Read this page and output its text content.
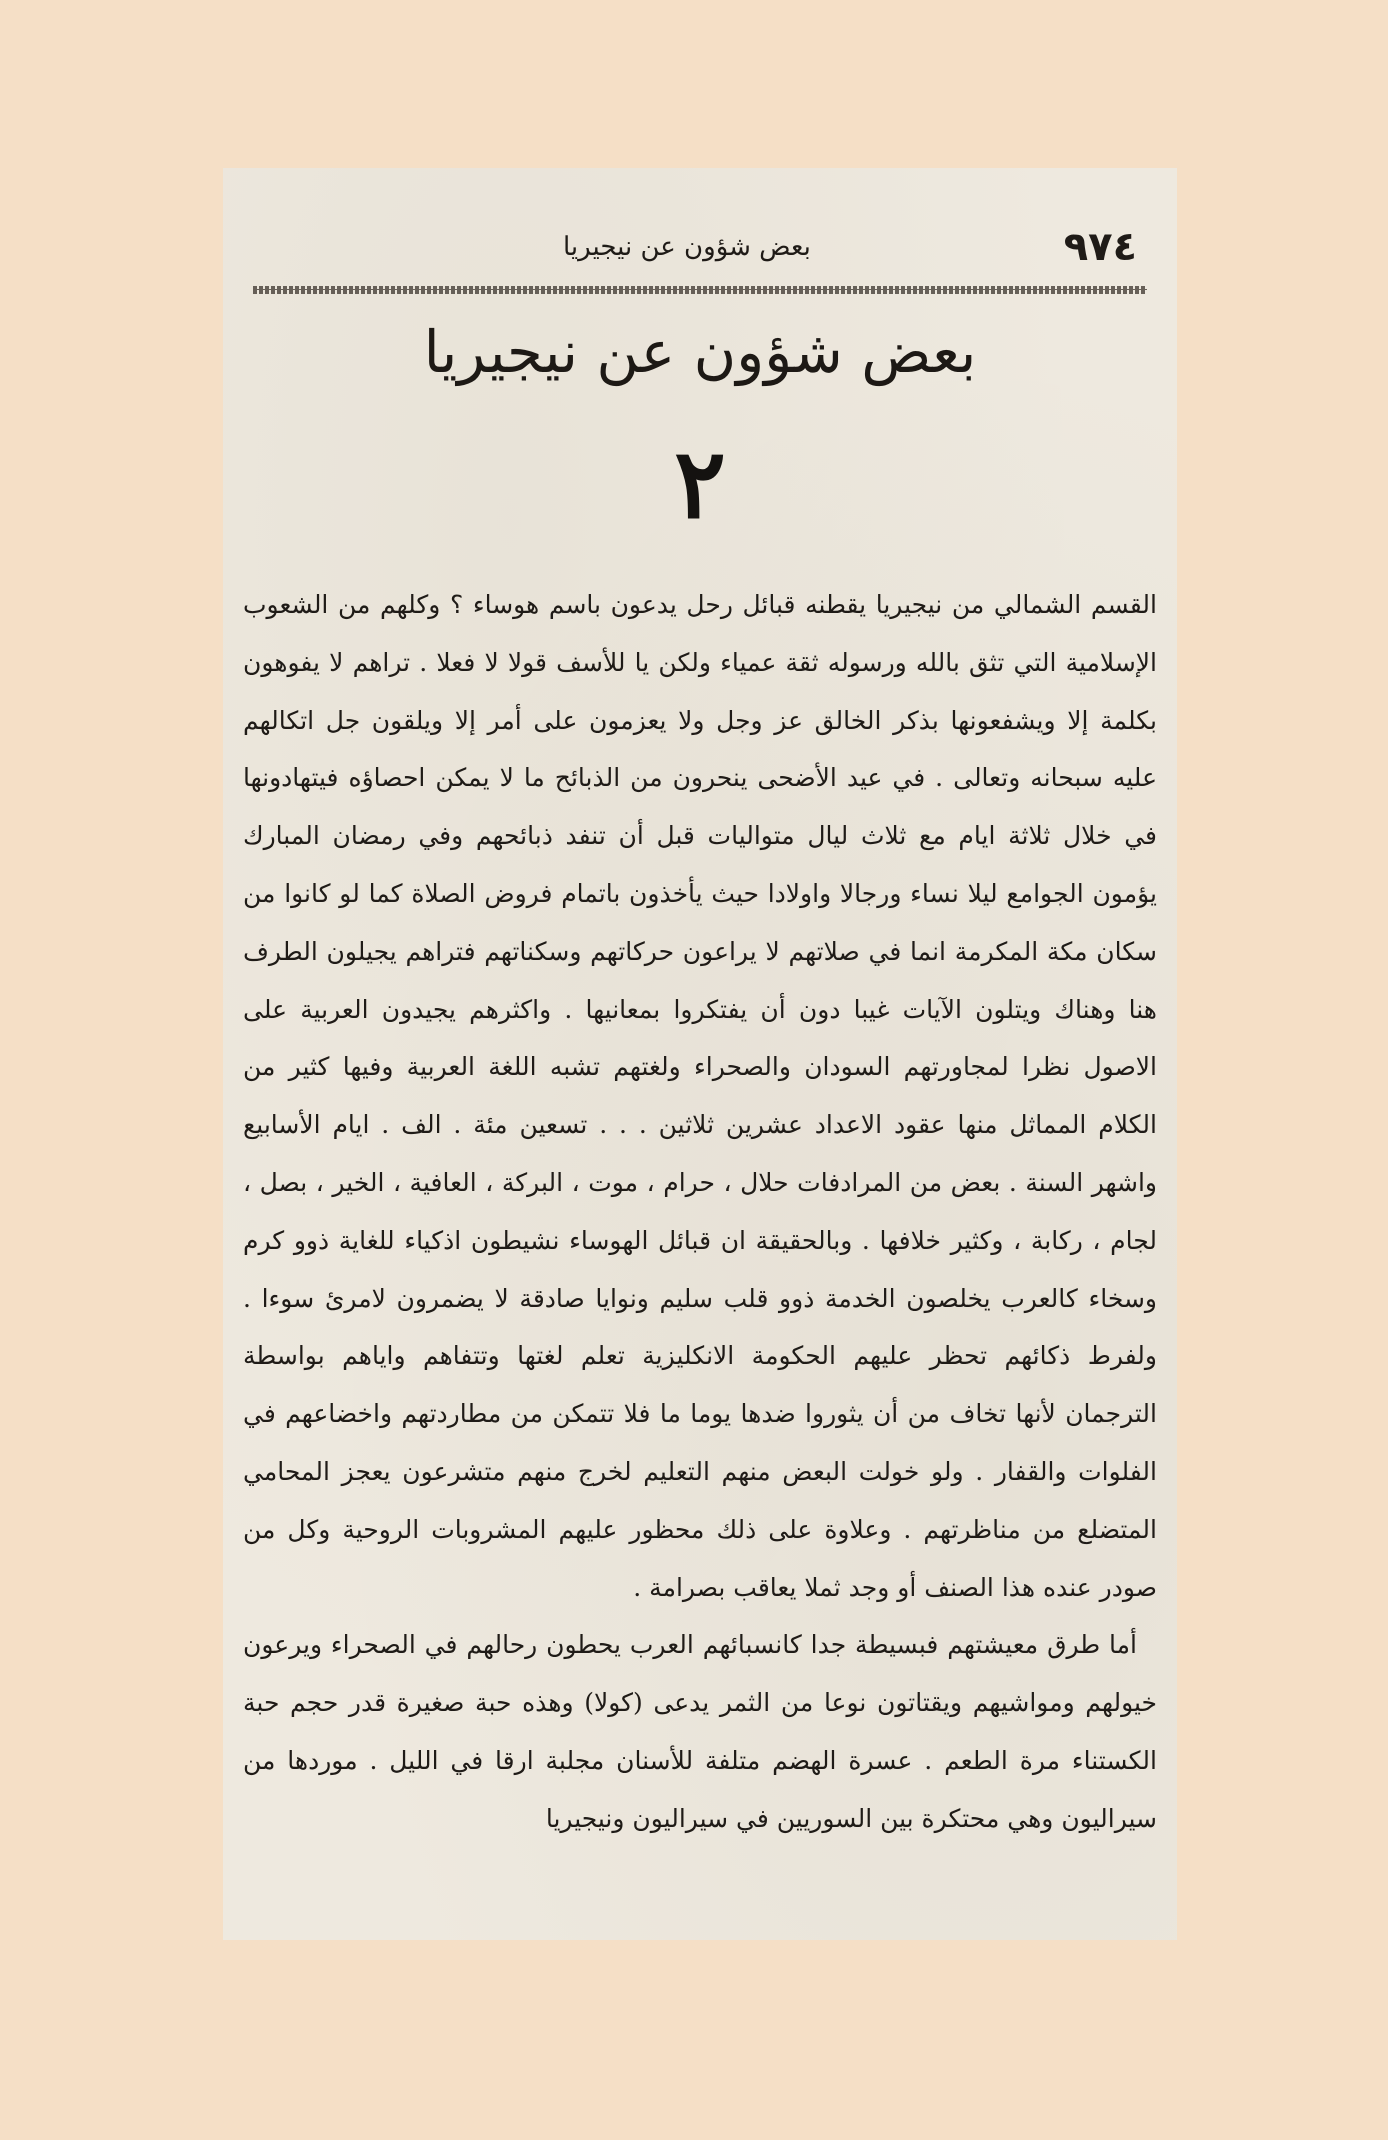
٩٧٤
بعض شؤون عن نيجيريا
بعض شؤون عن نيجيريا
٢

القسم الشمالي من نيجيريا يقطنه قبائل رحل يدعون باسم هوساء ؟ وكلهم من الشعوب الإسلامية التي تثق بالله ورسوله ثقة عمياء ولكن يا للأسف قولا لا فعلا . تراهم لا يفوهون بكلمة إلا ويشفعونها بذكر الخالق عز وجل ولا يعزمون على أمر إلا ويلقون جل اتكالهم عليه سبحانه وتعالى . في عيد الأضحى ينحرون من الذبائح ما لا يمكن احصاؤه فيتهادونها في خلال ثلاثة ايام مع ثلاث ليال متواليات قبل أن تنفد ذبائحهم وفي رمضان المبارك يؤمون الجوامع ليلا نساء ورجالا واولادا حيث يأخذون باتمام فروض الصلاة كما لو كانوا من سكان مكة المكرمة انما في صلاتهم لا يراعون حركاتهم وسكناتهم فتراهم يجيلون الطرف هنا وهناك ويتلون الآيات غيبا دون أن يفتكروا بمعانيها . واكثرهم يجيدون العربية على الاصول نظرا لمجاورتهم السودان والصحراء ولغتهم تشبه اللغة العربية وفيها كثير من الكلام المماثل منها عقود الاعداد عشرين ثلاثين . . . تسعين مئة . الف . ايام الأسابيع واشهر السنة . بعض من المرادفات حلال ، حرام ، موت ، البركة ، العافية ، الخير ، بصل ، لجام ، ركابة ، وكثير خلافها . وبالحقيقة ان قبائل الهوساء نشيطون اذكياء للغاية ذوو كرم وسخاء كالعرب يخلصون الخدمة ذوو قلب سليم ونوايا صادقة لا يضمرون لامرئ سوءا . ولفرط ذكائهم تحظر عليهم الحكومة الانكليزية تعلم لغتها وتتفاهم واياهم بواسطة الترجمان لأنها تخاف من أن يثوروا ضدها يوما ما فلا تتمكن من مطاردتهم واخضاعهم في الفلوات والقفار . ولو خولت البعض منهم التعليم لخرج منهم متشرعون يعجز المحامي المتضلع من مناظرتهم . وعلاوة على ذلك محظور عليهم المشروبات الروحية وكل من صودر عنده هذا الصنف أو وجد ثملا يعاقب بصرامة .

أما طرق معيشتهم فبسيطة جدا كانسبائهم العرب يحطون رحالهم في الصحراء ويرعون خيولهم ومواشيهم ويقتاتون نوعا من الثمر يدعى (كولا) وهذه حبة صغيرة قدر حجم حبة الكستناء مرة الطعم . عسرة الهضم متلفة للأسنان مجلبة ارقا في الليل . موردها من سيراليون وهي محتكرة بين السوريين في سيراليون ونيجيريا
